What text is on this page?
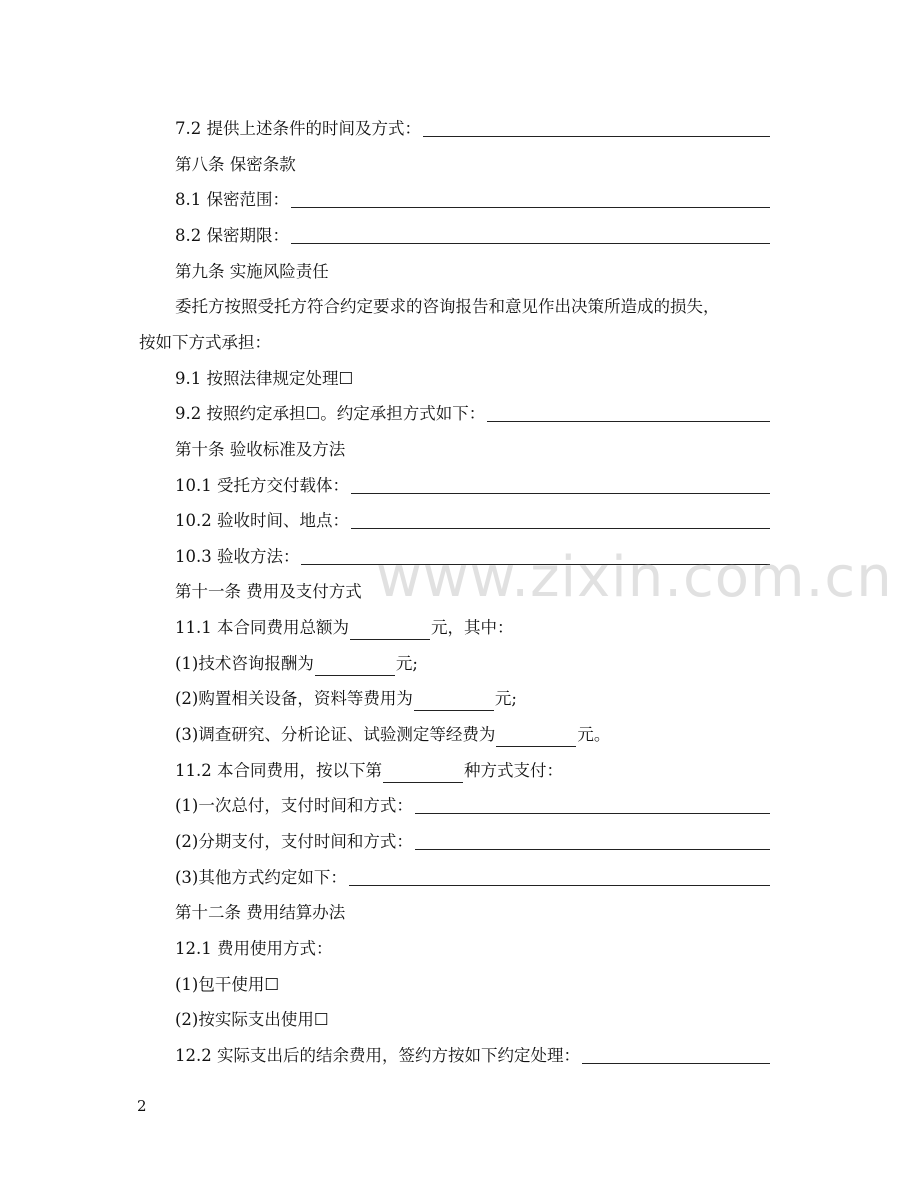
7.2 提供上述条件的时间及方式：
第八条 保密条款
8.1 保密范围：
8.2 保密期限：
第九条 实施风险责任
委托方按照受托方符合约定要求的咨询报告和意见作出决策所造成的损失，
按如下方式承担：
9.1 按照法律规定处理☐
9.2 按照约定承担☐。约定承担方式如下：
第十条 验收标准及方法
10.1 受托方交付载体：
10.2 验收时间、地点：
10.3 验收方法：
第十一条 费用及支付方式
11.1 本合同费用总额为	元，其中：
(1)技术咨询报酬为	元;
(2)购置相关设备，资料等费用为	元;
(3)调查研究、分析论证、试验测定等经费为	元。
11.2 本合同费用，按以下第	种方式支付：
(1)一次总付，支付时间和方式：
(2)分期支付，支付时间和方式：
(3)其他方式约定如下：
第十二条 费用结算办法
12.1 费用使用方式：
(1)包干使用☐
(2)按实际支出使用☐
12.2 实际支出后的结余费用，签约方按如下约定处理：
www.zixin.com.cn
2
